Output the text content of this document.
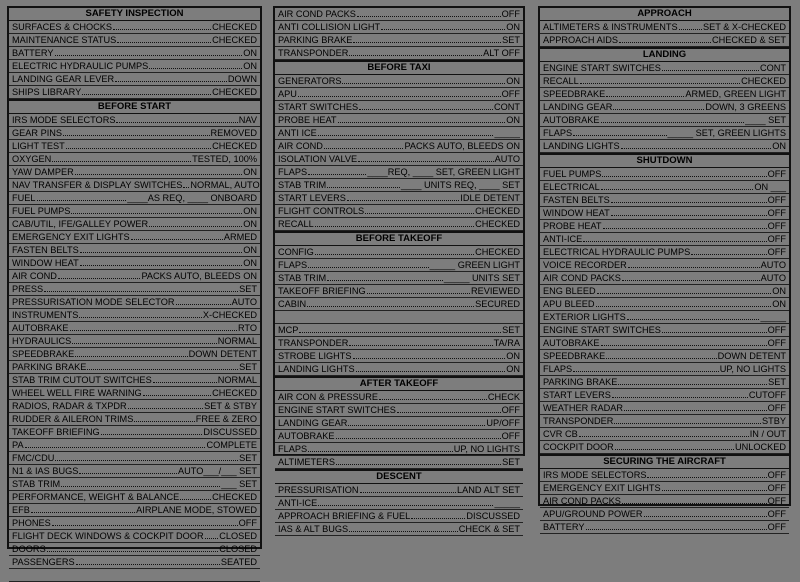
SAFETY INSPECTION
SURFACES & CHOCKS	CHECKED
MAINTENANCE STATUS	CHECKED
BATTERY	ON
ELECTRIC HYDRAULIC PUMPS	ON
LANDING GEAR LEVER	DOWN
SHIPS LIBRARY	CHECKED
BEFORE START
IRS MODE SELECTORS	NAV
GEAR PINS	REMOVED
LIGHT TEST	CHECKED
OXYGEN	TESTED, 100%
YAW DAMPER	ON
NAV TRANSFER & DISPLAY SWITCHES NORMAL, AUTO
FUEL	____AS REQ, ____ ONBOARD
FUEL PUMPS	ON
CAB/UTIL, IFE/GALLEY POWER	ON
EMERGENCY EXIT LIGHTS	ARMED
FASTEN BELTS	ON
WINDOW HEAT	ON
AIR COND	PACKS AUTO, BLEEDS ON
PRESS	SET
PRESSURISATION MODE SELECTOR	AUTO
INSTRUMENTS	X-CHECKED
AUTOBRAKE	RTO
HYDRAULICS	NORMAL
SPEEDBRAKE	DOWN DETENT
PARKING BRAKE	SET
STAB TRIM CUTOUT SWITCHES	NORMAL
WHEEL WELL FIRE WARNING	CHECKED
RADIOS, RADAR & TXPDR	SET & STBY
RUDDER & AILERON TRIMS	FREE & ZERO
TAKEOFF BRIEFING	DISCUSSED
PA	COMPLETE
FMC/CDU	SET
N1 & IAS BUGS	AUTO___/___ SET
STAB TRIM	___ SET
PERFORMANCE, WEIGHT & BALANCE	CHECKED
EFB	AIRPLANE MODE, STOWED
PHONES	OFF
FLIGHT DECK WINDOWS & COCKPIT DOOR CLOSED
DOORS	CLOSED
PASSENGERS	SEATED
AIR COND PACKS	OFF
ANTI COLLISION LIGHT	ON
PARKING BRAKE	SET
TRANSPONDER	ALT OFF
BEFORE TAXI
GENERATORS	ON
APU	OFF
START SWITCHES	CONT
PROBE HEAT	ON
ANTI ICE	_____
AIR COND	PACKS AUTO, BLEEDS ON
ISOLATION VALVE	AUTO
FLAPS	____REQ, ____ SET, GREEN LIGHT
STAB TRIM	____ UNITS REQ, ____ SET
START LEVERS	IDLE DETENT
FLIGHT CONTROLS	CHECKED
RECALL	CHECKED
BEFORE TAKEOFF
CONFIG	CHECKED
FLAPS	_____ GREEN LIGHT
STAB TRIM	_____ UNITS SET
TAKEOFF BRIEFING	REVIEWED
CABIN	SECURED
MCP	SET
TRANSPONDER	TA/RA
STROBE LIGHTS	ON
LANDING LIGHTS	ON
AFTER TAKEOFF
AIR CON & PRESSURE	CHECK
ENGINE START SWITCHES	OFF
LANDING GEAR	UP/OFF
AUTOBRAKE	OFF
FLAPS	UP, NO LIGHTS
ALTIMETERS	SET
DESCENT
PRESSURISATION	LAND ALT SET
ANTI-ICE	_____
APPROACH BRIEFING & FUEL	DISCUSSED
IAS & ALT BUGS	CHECK & SET
APPROACH
ALTIMETERS & INSTRUMENTS	SET & X-CHECKED
APPROACH AIDS	CHECKED & SET
LANDING
ENGINE START SWITCHES	CONT
RECALL	CHECKED
SPEEDBRAKE	ARMED, GREEN LIGHT
LANDING GEAR	DOWN, 3 GREENS
AUTOBRAKE	____ SET
FLAPS	_____ SET, GREEN LIGHTS
LANDING LIGHTS	ON
SHUTDOWN
FUEL PUMPS	OFF
ELECTRICAL	ON ___
FASTEN BELTS	OFF
WINDOW HEAT	OFF
PROBE HEAT	OFF
ANTI-ICE	OFF
ELECTRICAL HYDRAULIC PUMPS	OFF
VOICE RECORDER	AUTO
AIR COND PACKS	AUTO
ENG BLEED	ON
APU BLEED	ON
EXTERIOR LIGHTS	_____
ENGINE START SWITCHES	OFF
AUTOBRAKE	OFF
SPEEDBRAKE	DOWN DETENT
FLAPS	UP, NO LIGHTS
PARKING BRAKE	SET
START LEVERS	CUTOFF
WEATHER RADAR	OFF
TRANSPONDER	STBY
CVR CB	IN / OUT
COCKPIT DOOR	UNLOCKED
SECURING THE AIRCRAFT
IRS MODE SELECTORS	OFF
EMERGENCY EXIT LIGHTS	OFF
AIR COND PACKS	OFF
APU/GROUND POWER	OFF
BATTERY	OFF
